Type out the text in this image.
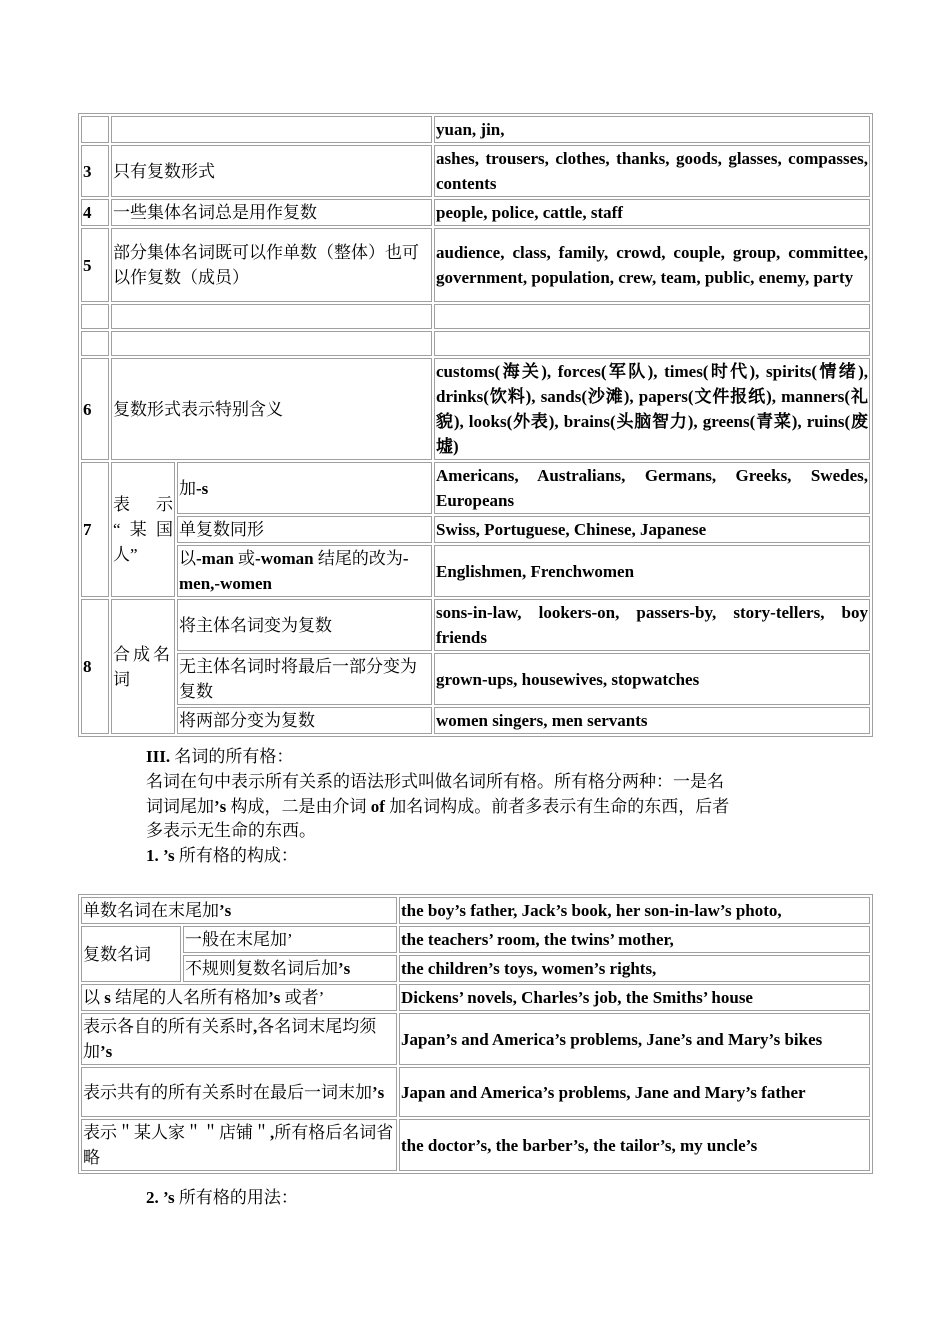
			yuan, jin,
3	只有复数形式		ashes, trousers, clothes, thanks, goods, glasses, compasses, contents
4	一些集体名词总是用作复数		people, police, cattle, staff
5	部分集体名词既可以作单数（整体）也可以作复数（成员）		audience, class, family, crowd, couple, group, committee, government, population, crew, team, public, enemy, party

6	复数形式表示特别含义		customs(海关), forces(军队), times(时代), spirits(情绪), drinks(饮料), sands(沙滩), papers(文件报纸), manners(礼貌), looks(外表), brains(头脑智力), greens(青菜), ruins(废墟)
7	表 示 “某国人”	加-s	Americans, Australians, Germans, Greeks, Swedes, Europeans
		单复数同形	Swiss, Portuguese, Chinese, Japanese
		以-man 或-woman 结尾的改为-men,-women	Englishmen, Frenchwomen
8	合成名词	将主体名词变为复数	sons-in-law, lookers-on, passers-by, story-tellers, boy friends
		无主体名词时将最后一部分变为复数	grown-ups, housewives, stopwatches
		将两部分变为复数	women singers, men servants
III. 名词的所有格：
名词在句中表示所有关系的语法形式叫做名词所有格。所有格分两种：一是名
词词尾加’s 构成，二是由介词 of 加名词构成。前者多表示有生命的东西，后者
多表示无生命的东西。
1. ’s 所有格的构成：
单数名词在末尾加’s		the boy’s father, Jack’s book, her son-in-law’s photo,
复数名词	一般在末尾加’	the teachers’ room, the twins’ mother,
	不规则复数名词后加’s	the children’s toys, women’s rights,
以 s 结尾的人名所有格加’s 或者’		Dickens’ novels, Charles’s job, the Smiths’ house
表示各自的所有关系时,各名词末尾均须加’s		Japan’s and America’s problems, Jane’s and Mary’s bikes
表示共有的所有关系时在最后一词末加’s		Japan and America’s problems, Jane and Mary’s father
表示＂某人家＂＂店铺＂,所有格后名词省略		the doctor’s, the barber’s, the tailor’s, my uncle’s
2. ’s 所有格的用法：
